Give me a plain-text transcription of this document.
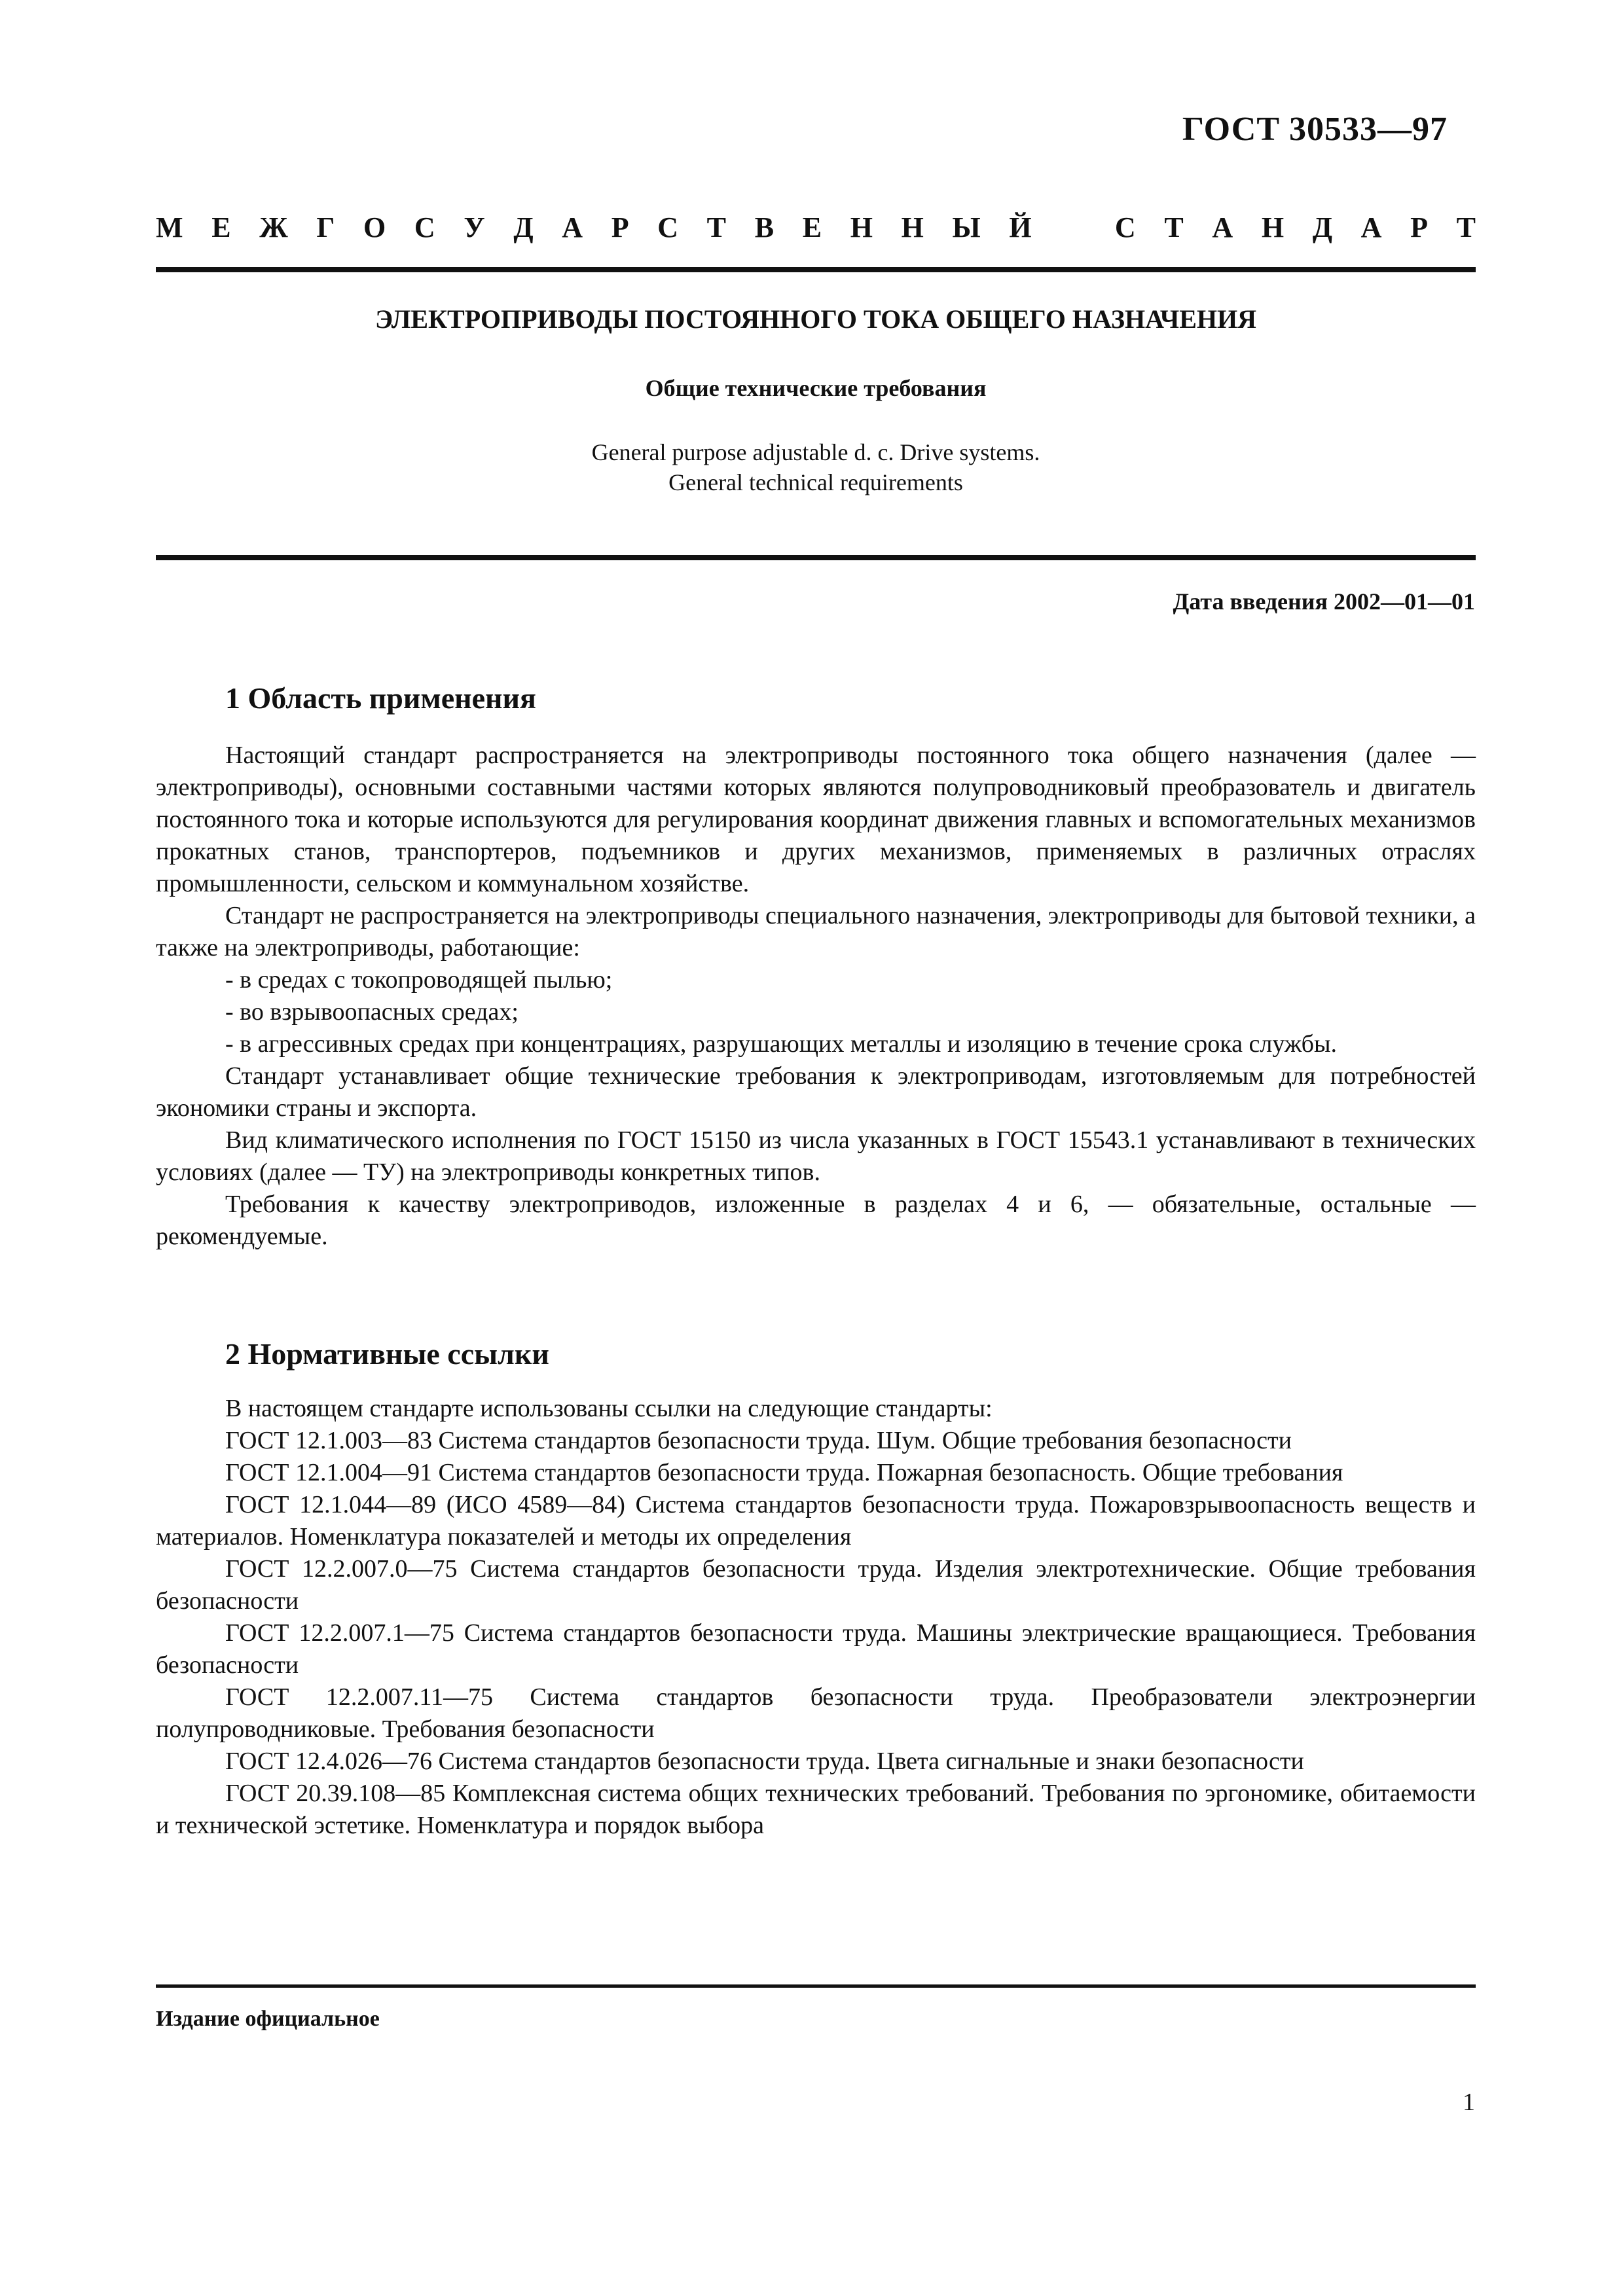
ГОСТ 30533—97
М Е Ж Г О С У Д А Р С Т В Е Н Н Ы Й	С Т А Н Д А Р Т
ЭЛЕКТРОПРИВОДЫ ПОСТОЯННОГО ТОКА ОБЩЕГО НАЗНАЧЕНИЯ
Общие технические требования
General purpose adjustable d. c. Drive systems.
General technical requirements
Дата введения 2002—01—01
1 Область применения

Настоящий стандарт распространяется на электроприводы постоянного тока общего назначения (далее — электроприводы), основными составными частями которых являются полупроводниковый преобразователь и двигатель постоянного тока и которые используются для регулирования координат движения главных и вспомогательных механизмов прокатных станов, транспортеров, подъемников и других механизмов, применяемых в различных отраслях промышленности, сельском и коммунальном хозяйстве.

Стандарт не распространяется на электроприводы специального назначения, электроприводы для бытовой техники, а также на электроприводы, работающие:

- в средах с токопроводящей пылью;

- во взрывоопасных средах;

- в агрессивных средах при концентрациях, разрушающих металлы и изоляцию в течение срока службы.

Стандарт устанавливает общие технические требования к электроприводам, изготовляемым для потребностей экономики страны и экспорта.

Вид климатического исполнения по ГОСТ 15150 из числа указанных в ГОСТ 15543.1 устанавливают в технических условиях (далее — ТУ) на электроприводы конкретных типов.

Требования к качеству электроприводов, изложенные в разделах 4 и 6, — обязательные, остальные — рекомендуемые.

2 Нормативные ссылки

В настоящем стандарте использованы ссылки на следующие стандарты:

ГОСТ 12.1.003—83 Система стандартов безопасности труда. Шум. Общие требования безопасности

ГОСТ 12.1.004—91 Система стандартов безопасности труда. Пожарная безопасность. Общие требования

ГОСТ 12.1.044—89 (ИСО 4589—84) Система стандартов безопасности труда. Пожаровзрывоопасность веществ и материалов. Номенклатура показателей и методы их определения

ГОСТ 12.2.007.0—75 Система стандартов безопасности труда. Изделия электротехнические. Общие требования безопасности

ГОСТ 12.2.007.1—75 Система стандартов безопасности труда. Машины электрические вращающиеся. Требования безопасности

ГОСТ 12.2.007.11—75 Система стандартов безопасности труда. Преобразователи электроэнергии полупроводниковые. Требования безопасности

ГОСТ 12.4.026—76 Система стандартов безопасности труда. Цвета сигнальные и знаки безопасности

ГОСТ 20.39.108—85 Комплексная система общих технических требований. Требования по эргономике, обитаемости и технической эстетике. Номенклатура и порядок выбора

Издание официальное
1
